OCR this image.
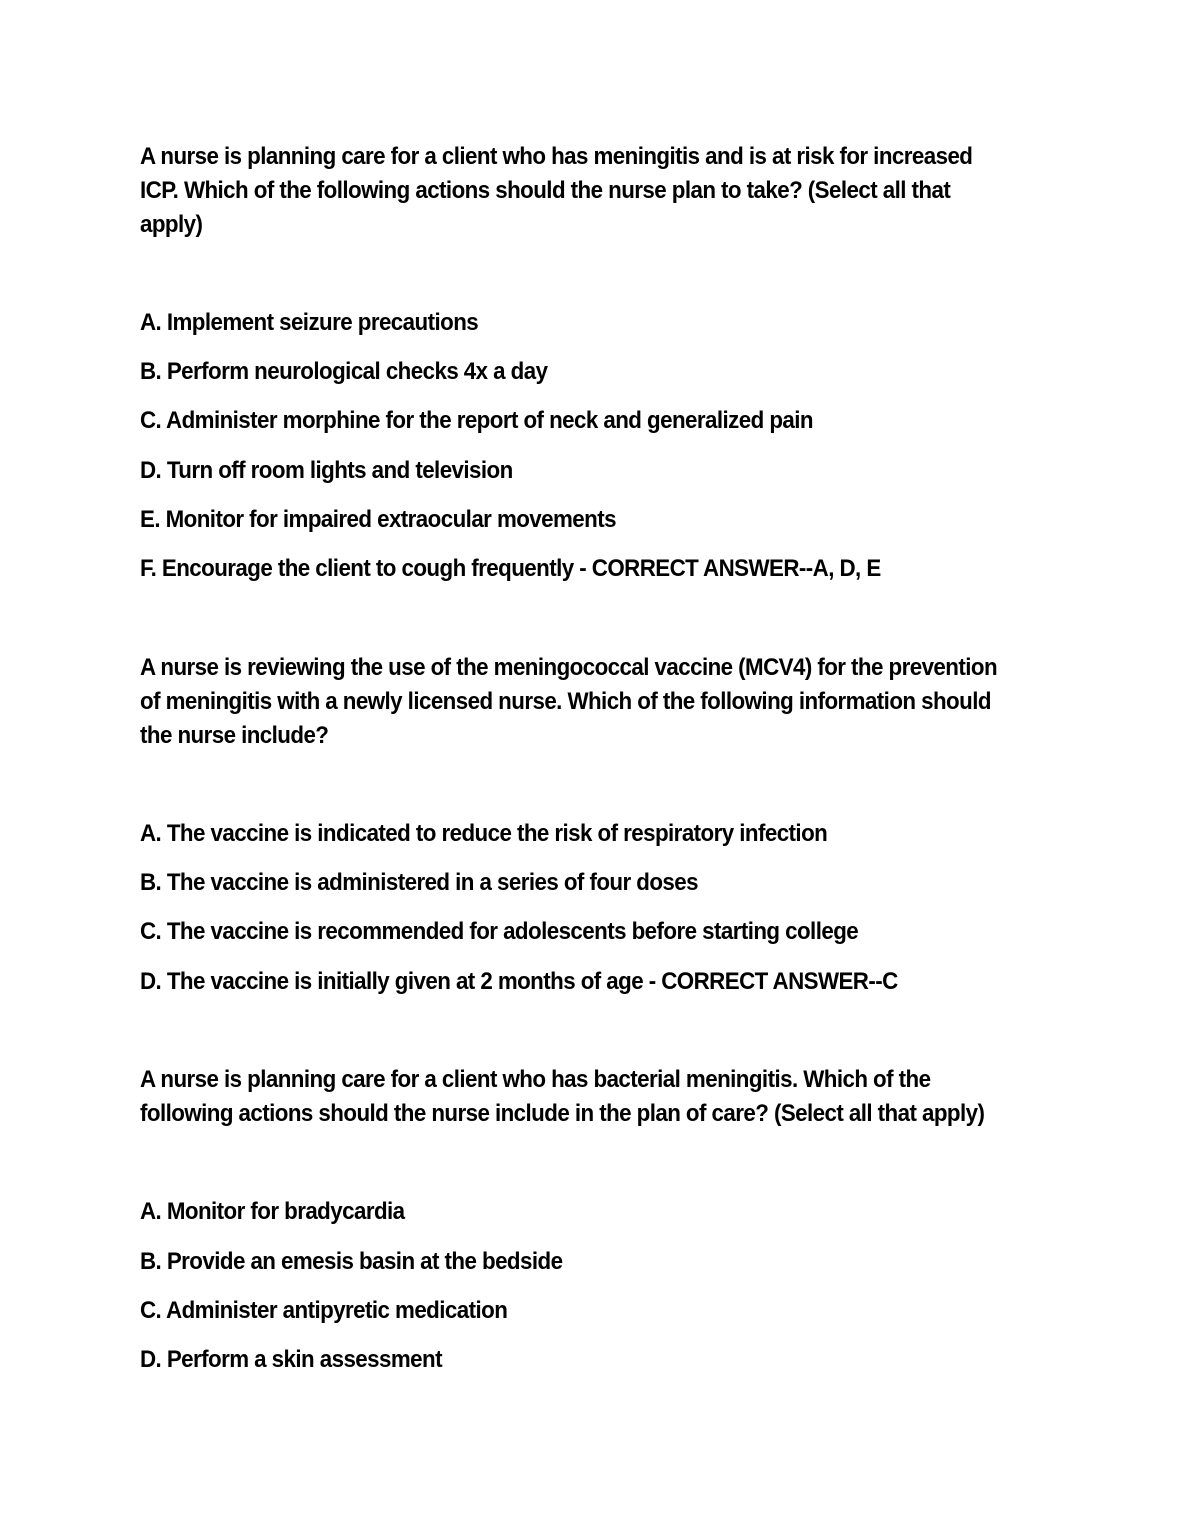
A nurse is planning care for a client who has meningitis and is at risk for increased
ICP. Which of the following actions should the nurse plan to take? (Select all that
apply)
A. Implement seizure precautions
B. Perform neurological checks 4x a day
C. Administer morphine for the report of neck and generalized pain
D. Turn off room lights and television
E. Monitor for impaired extraocular movements
F. Encourage the client to cough frequently - CORRECT ANSWER--A, D, E
A nurse is reviewing the use of the meningococcal vaccine (MCV4) for the prevention
of meningitis with a newly licensed nurse. Which of the following information should
the nurse include?
A. The vaccine is indicated to reduce the risk of respiratory infection
B. The vaccine is administered in a series of four doses
C. The vaccine is recommended for adolescents before starting college
D. The vaccine is initially given at 2 months of age - CORRECT ANSWER--C
A nurse is planning care for a client who has bacterial meningitis. Which of the
following actions should the nurse include in the plan of care? (Select all that apply)
A. Monitor for bradycardia
B. Provide an emesis basin at the bedside
C. Administer antipyretic medication
D. Perform a skin assessment
